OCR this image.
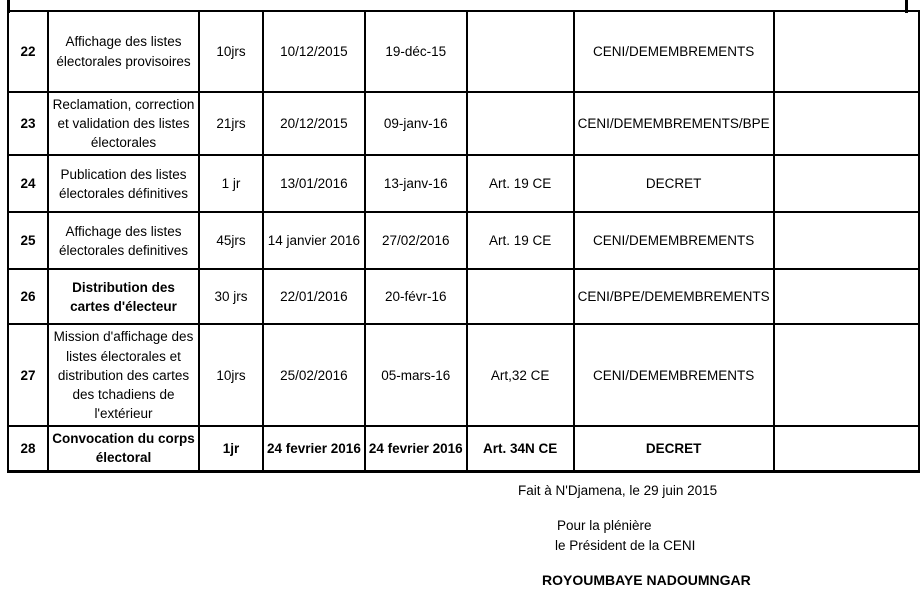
22	Affichage des listes électorales provisoires	10jrs	10/12/2015	19-déc-15		CENI/DEMEMBREMENTS	
23	Reclamation, correction et validation des listes électorales	21jrs	20/12/2015	09-janv-16		CENI/DEMEMBREMENTS/BPE	
24	Publication des listes électorales définitives	1 jr	13/01/2016	13-janv-16	Art. 19 CE	DECRET	
25	Affichage des listes électorales definitives	45jrs	14 janvier 2016	27/02/2016	Art. 19 CE	CENI/DEMEMBREMENTS	
26	Distribution des cartes d'électeur	30 jrs	22/01/2016	20-févr-16		CENI/BPE/DEMEMBREMENTS	
27	Mission d'affichage des listes électorales et distribution des cartes des tchadiens de l'extérieur	10jrs	25/02/2016	05-mars-16	Art,32 CE	CENI/DEMEMBREMENTS	
28	Convocation du corps électoral	1jr	24 fevrier 2016	24 fevrier 2016	Art. 34N CE	DECRET	
Fait à N'Djamena, le 29 juin 2015
Pour la plénière
le Président de la CENI
ROYOUMBAYE NADOUMNGAR
